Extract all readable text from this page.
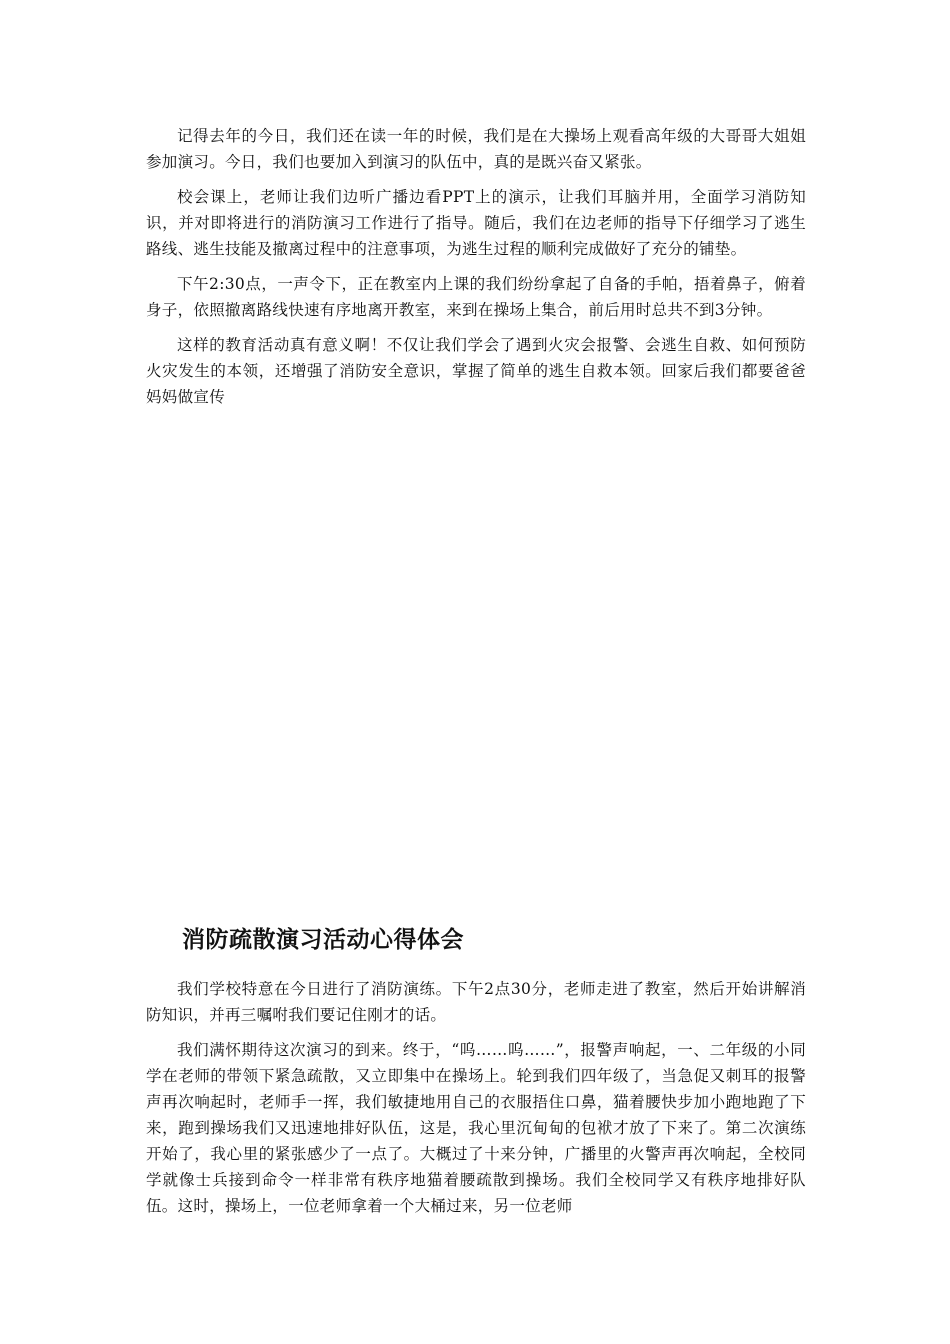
记得去年的今日，我们还在读一年的时候，我们是在大操场上观看高年级的大哥哥大姐姐参加演习。今日，我们也要加入到演习的队伍中，真的是既兴奋又紧张。

校会课上，老师让我们边听广播边看PPT上的演示，让我们耳脑并用，全面学习消防知识，并对即将进行的消防演习工作进行了指导。随后，我们在边老师的指导下仔细学习了逃生路线、逃生技能及撤离过程中的注意事项，为逃生过程的顺利完成做好了充分的铺垫。

下午2:30点，一声令下，正在教室内上课的我们纷纷拿起了自备的手帕，捂着鼻子，俯着身子，依照撤离路线快速有序地离开教室，来到在操场上集合，前后用时总共不到3分钟。

这样的教育活动真有意义啊！不仅让我们学会了遇到火灾会报警、会逃生自救、如何预防火灾发生的本领，还增强了消防安全意识，掌握了简单的逃生自救本领。回家后我们都要爸爸妈妈做宣传

消防疏散演习活动心得体会

我们学校特意在今日进行了消防演练。下午2点30分，老师走进了教室，然后开始讲解消防知识，并再三嘱咐我们要记住刚才的话。

我们满怀期待这次演习的到来。终于，“呜……呜……”，报警声响起，一、二年级的小同学在老师的带领下紧急疏散，又立即集中在操场上。轮到我们四年级了，当急促又刺耳的报警声再次响起时，老师手一挥，我们敏捷地用自己的衣服捂住口鼻，猫着腰快步加小跑地跑了下来，跑到操场我们又迅速地排好队伍，这是，我心里沉甸甸的包袱才放了下来了。第二次演练开始了，我心里的紧张感少了一点了。大概过了十来分钟，广播里的火警声再次响起，全校同学就像士兵接到命令一样非常有秩序地猫着腰疏散到操场。我们全校同学又有秩序地排好队伍。这时，操场上，一位老师拿着一个大桶过来，另一位老师
